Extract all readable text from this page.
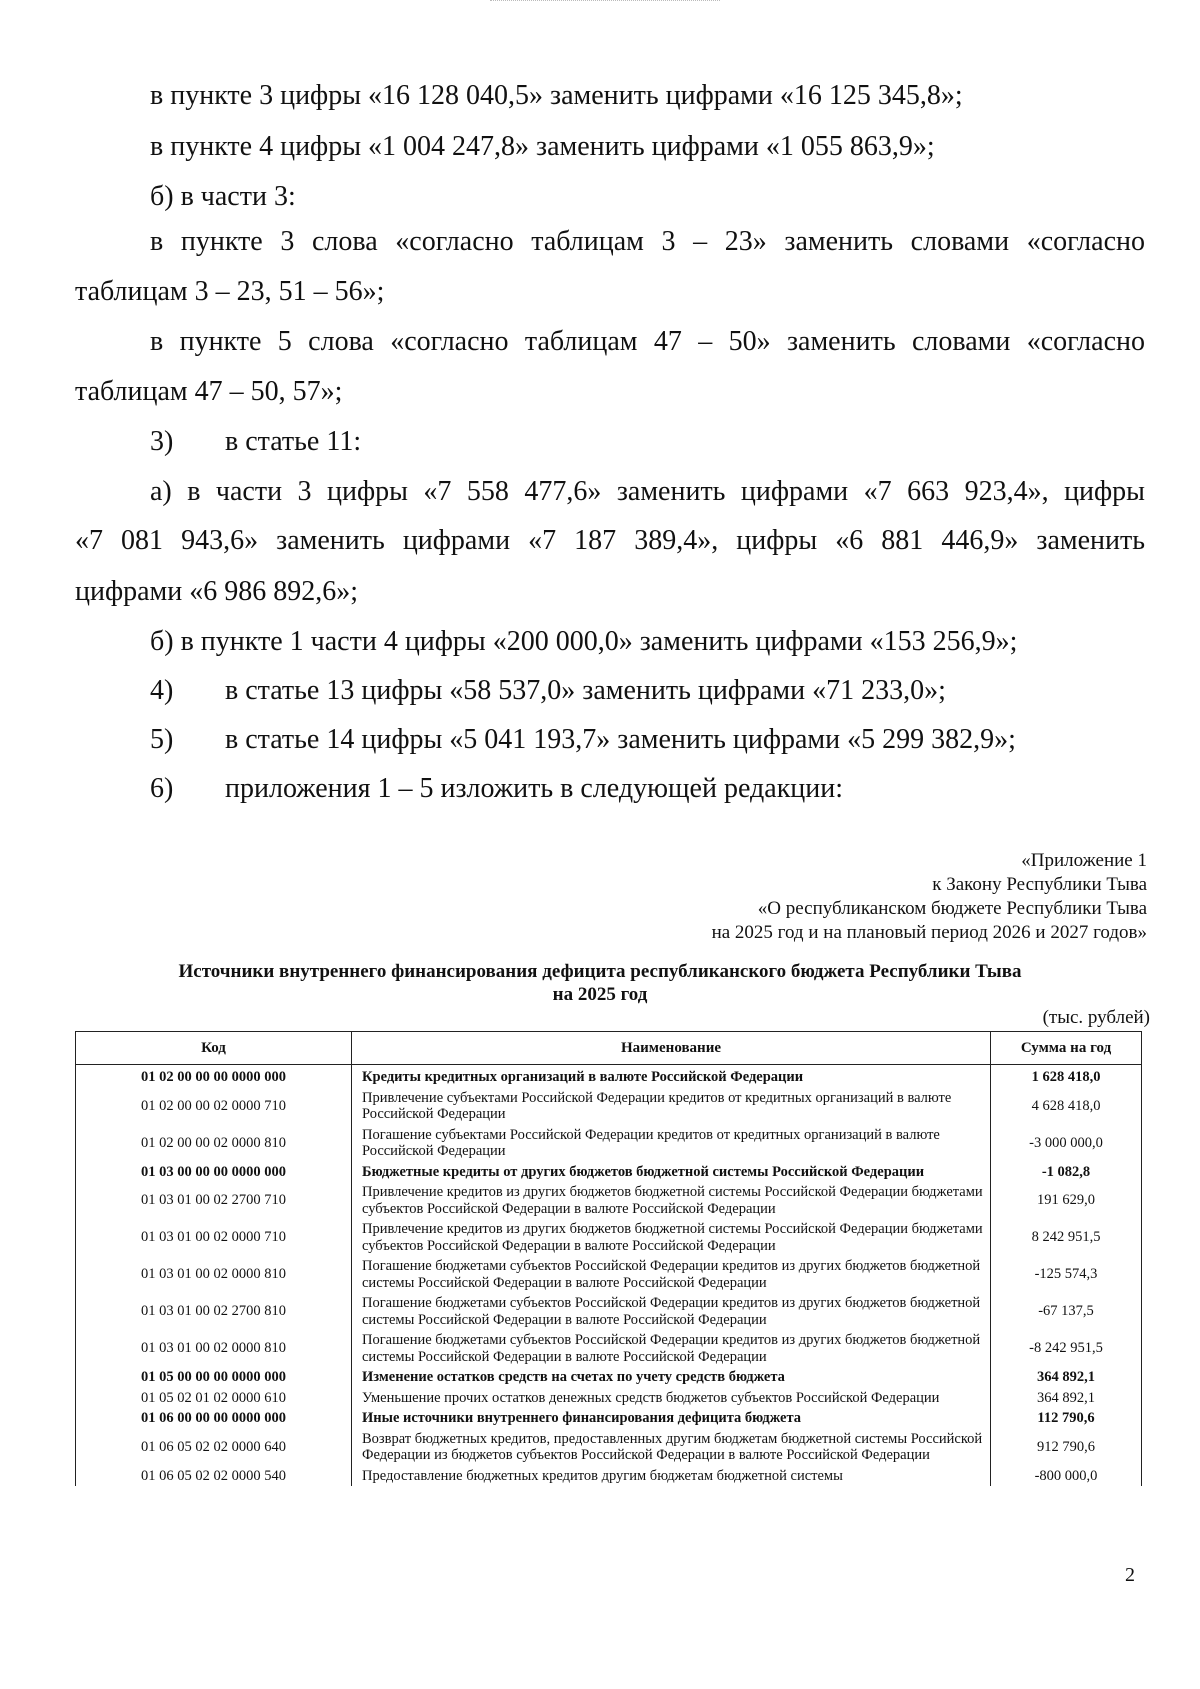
в пункте 3 цифры «16 128 040,5» заменить цифрами «16 125 345,8»;
в пункте 4 цифры «1 004 247,8» заменить цифрами «1 055 863,9»;
б) в части 3:
в пункте 3 слова «согласно таблицам 3 – 23» заменить словами «согласно
таблицам 3 – 23, 51 – 56»;
в пункте 5 слова «согласно таблицам 47 – 50» заменить словами «согласно
таблицам 47 – 50, 57»;
3) в статье 11:
а) в части 3 цифры «7 558 477,6» заменить цифрами «7 663 923,4», цифры
«7 081 943,6» заменить цифрами «7 187 389,4», цифры «6 881 446,9» заменить
цифрами «6 986 892,6»;
б) в пункте 1 части 4 цифры «200 000,0» заменить цифрами «153 256,9»;
4) в статье 13 цифры «58 537,0» заменить цифрами «71 233,0»;
5) в статье 14 цифры «5 041 193,7» заменить цифрами «5 299 382,9»;
6) приложения 1 – 5 изложить в следующей редакции:
«Приложение 1
к Закону Республики Тыва
«О республиканском бюджете Республики Тыва
на 2025 год и на плановый период 2026 и 2027 годов»
Источники внутреннего финансирования дефицита республиканского бюджета Республики Тыва
на 2025 год
(тыс. рублей)
Код	Наименование	Сумма на год
01 02 00 00 00 0000 000	Кредиты кредитных организаций в валюте Российской Федерации	1 628 418,0
01 02 00 00 02 0000 710	Привлечение субъектами Российской Федерации кредитов от кредитных организаций в валюте Российской Федерации	4 628 418,0
01 02 00 00 02 0000 810	Погашение субъектами Российской Федерации кредитов от кредитных организаций в валюте Российской Федерации	-3 000 000,0
01 03 00 00 00 0000 000	Бюджетные кредиты от других бюджетов бюджетной системы Российской Федерации	-1 082,8
01 03 01 00 02 2700 710	Привлечение кредитов из других бюджетов бюджетной системы Российской Федерации бюджетами субъектов Российской Федерации в валюте Российской Федерации	191 629,0
01 03 01 00 02 0000 710	Привлечение кредитов из других бюджетов бюджетной системы Российской Федерации бюджетами субъектов Российской Федерации в валюте Российской Федерации	8 242 951,5
01 03 01 00 02 0000 810	Погашение бюджетами субъектов Российской Федерации кредитов из других бюджетов бюджетной системы Российской Федерации в валюте Российской Федерации	-125 574,3
01 03 01 00 02 2700 810	Погашение бюджетами субъектов Российской Федерации кредитов из других бюджетов бюджетной системы Российской Федерации в валюте Российской Федерации	-67 137,5
01 03 01 00 02 0000 810	Погашение бюджетами субъектов Российской Федерации кредитов из других бюджетов бюджетной системы Российской Федерации в валюте Российской Федерации	-8 242 951,5
01 05 00 00 00 0000 000	Изменение остатков средств на счетах по учету средств бюджета	364 892,1
01 05 02 01 02 0000 610	Уменьшение прочих остатков денежных средств бюджетов субъектов Российской Федерации	364 892,1
01 06 00 00 00 0000 000	Иные источники внутреннего финансирования дефицита бюджета	112 790,6
01 06 05 02 02 0000 640	Возврат бюджетных кредитов, предоставленных другим бюджетам бюджетной системы Российской Федерации из бюджетов субъектов Российской Федерации в валюте Российской Федерации	912 790,6
01 06 05 02 02 0000 540	Предоставление бюджетных кредитов другим бюджетам бюджетной системы	-800 000,0
2
